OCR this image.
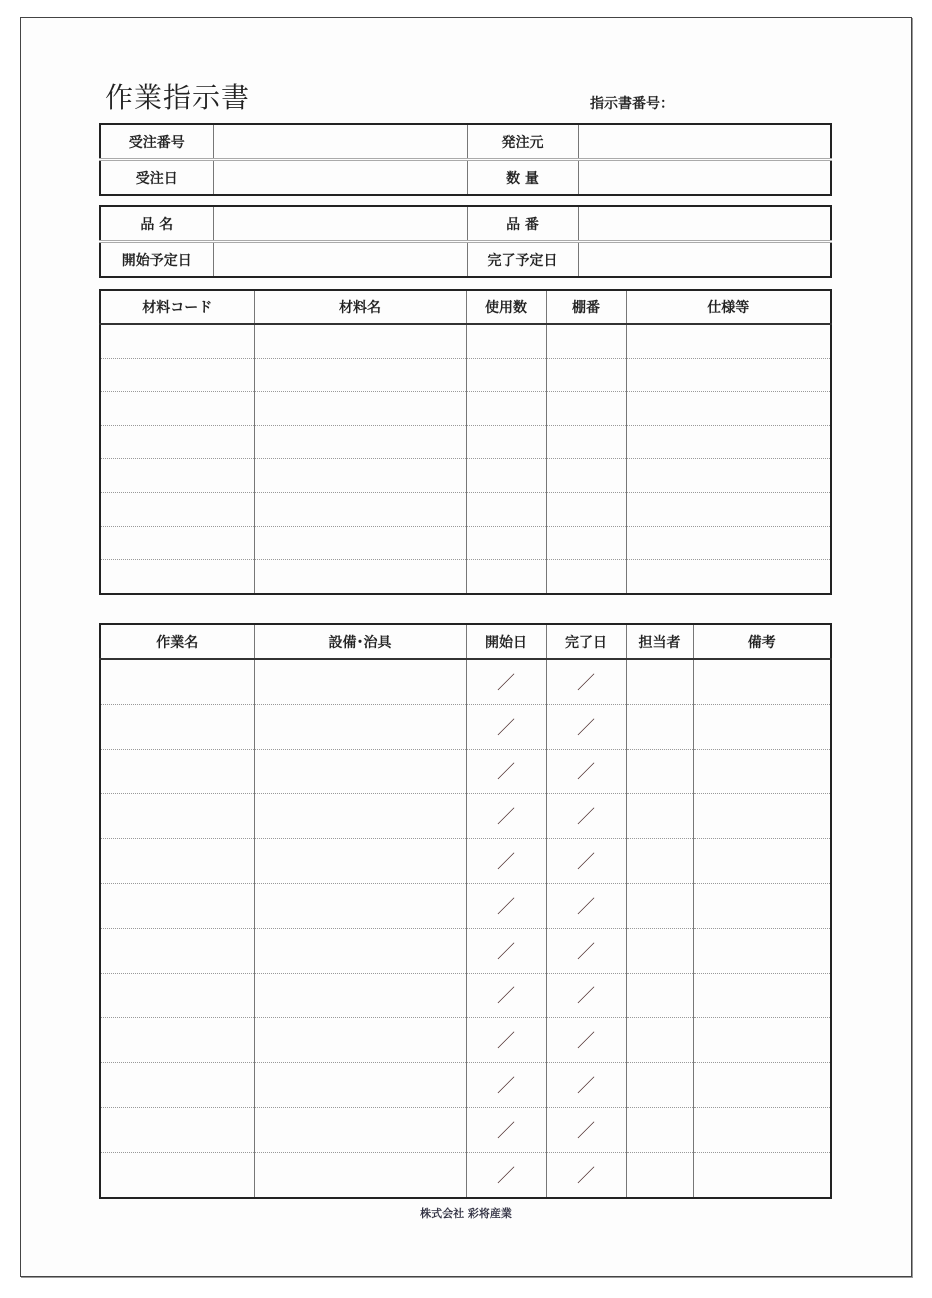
作業指示書	指示書番号：
受注番号		発注元	
受注日		数 量	
品 名		品 番	
開始予定日		完了予定日	
材料コード	材料名	使用数	棚番	仕様等

作業名	設備･治具	開始日	完了日	担当者	備考
		／	／		
		／	／		
		／	／		
		／	／		
		／	／		
		／	／		
		／	／		
		／	／		
		／	／		
		／	／		
		／	／		
		／	／		
株式会社 彩将産業
